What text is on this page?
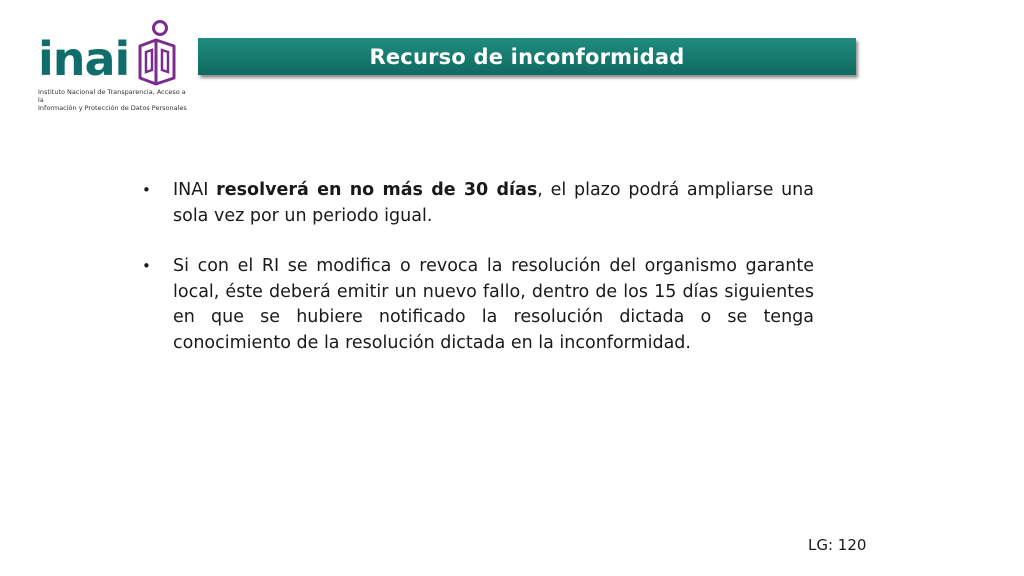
inai
Instituto Nacional de Transparencia, Acceso a la
Información y Protección de Datos Personales
Recurso de inconformidad
• INAI resolverá en no más de 30 días, el plazo podrá ampliarse una sola vez por un periodo igual.
• Si con el RI se modifica o revoca la resolución del organismo garante local, éste deberá emitir un nuevo fallo, dentro de los 15 días siguientes en que se hubiere notificado la resolución dictada o se tenga conocimiento de la resolución dictada en la inconformidad.
LG: 120
